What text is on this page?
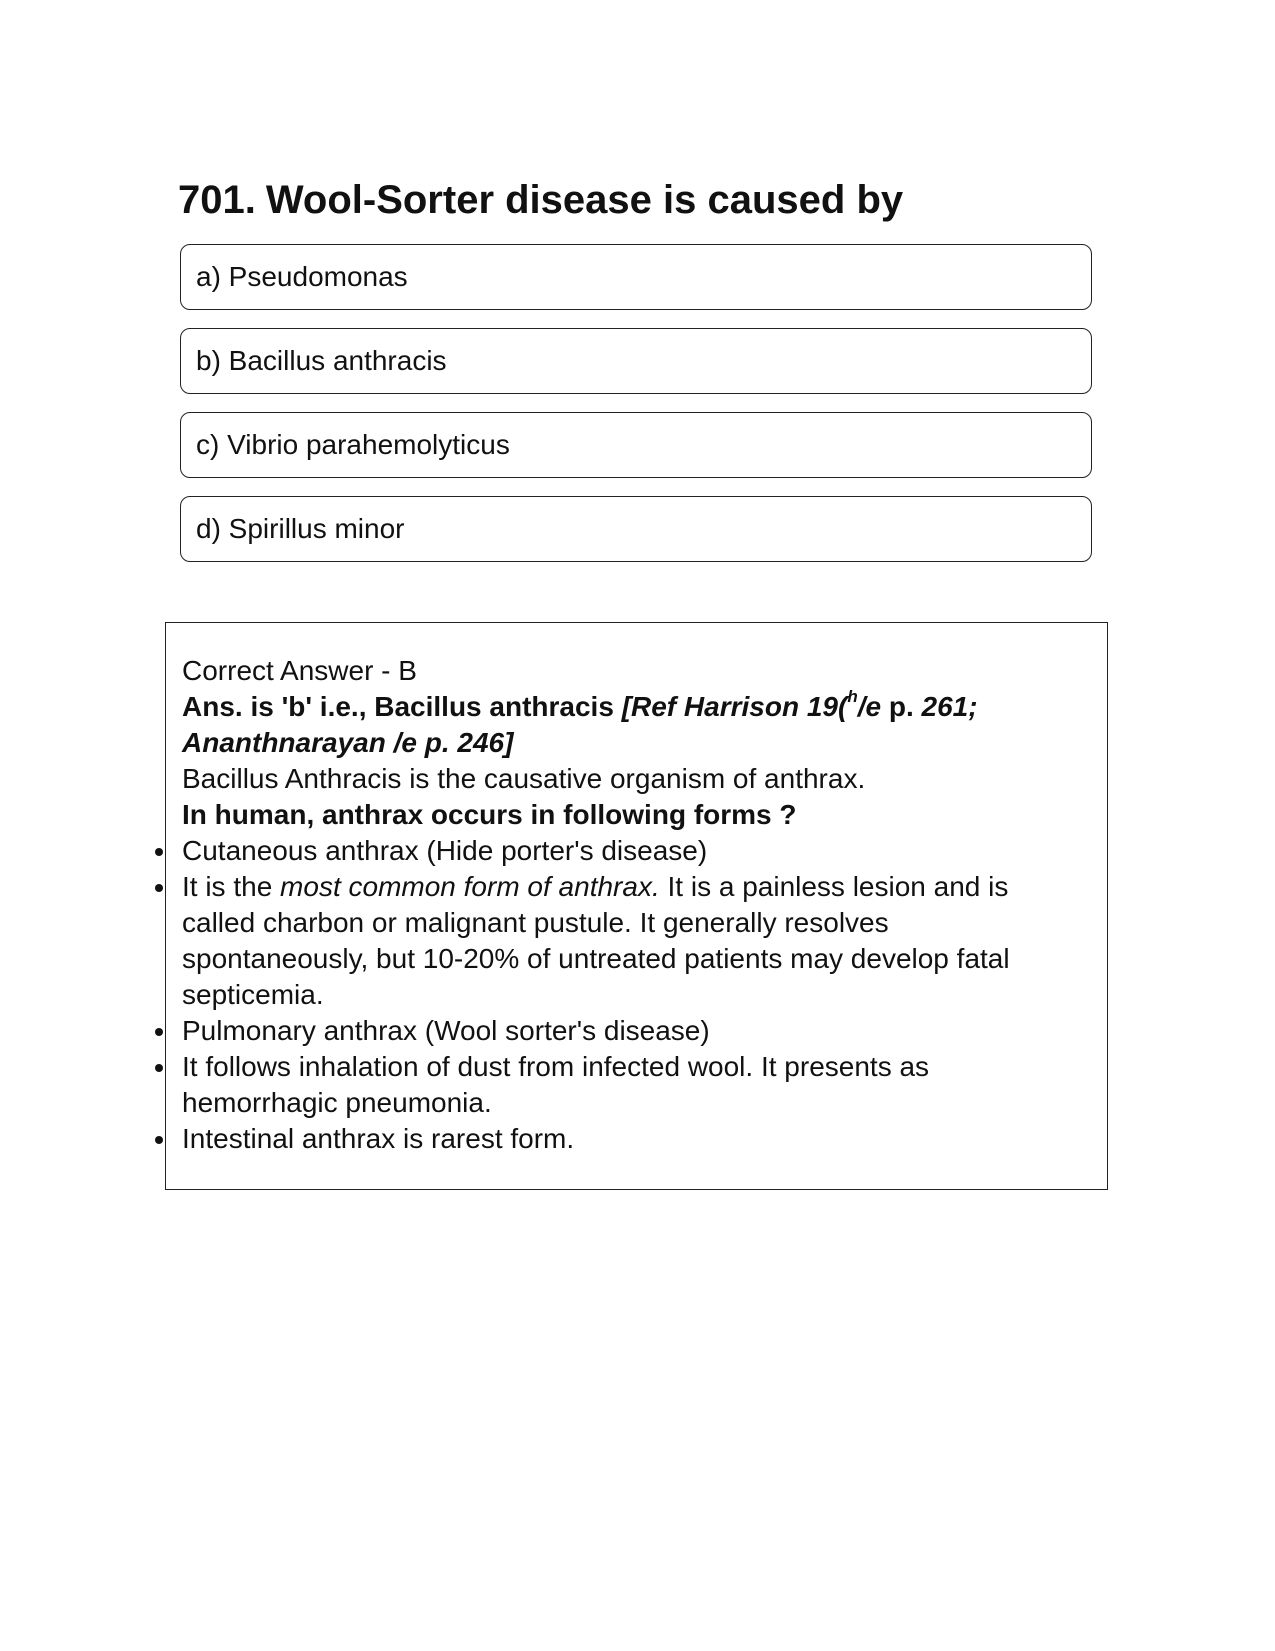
701. Wool-Sorter disease is caused by
a) Pseudomonas
b) Bacillus anthracis
c) Vibrio parahemolyticus
d) Spirillus minor

Correct Answer - B

Ans. is 'b' i.e., Bacillus anthracis [Ref Harrison 19($^h$/e p. 261;

Ananthnarayan /e p. 246]

Bacillus Anthracis is the causative organism of anthrax.

In human, anthrax occurs in following forms ?

Cutaneous anthrax (Hide porter's disease)

It is the most common form of anthrax. It is a painless lesion and is

called charbon or malignant pustule. It generally resolves

spontaneously, but 10-20% of untreated patients may develop fatal

septicemia.

Pulmonary anthrax (Wool sorter's disease)

It follows inhalation of dust from infected wool. It presents as

hemorrhagic pneumonia.

Intestinal anthrax is rarest form.
